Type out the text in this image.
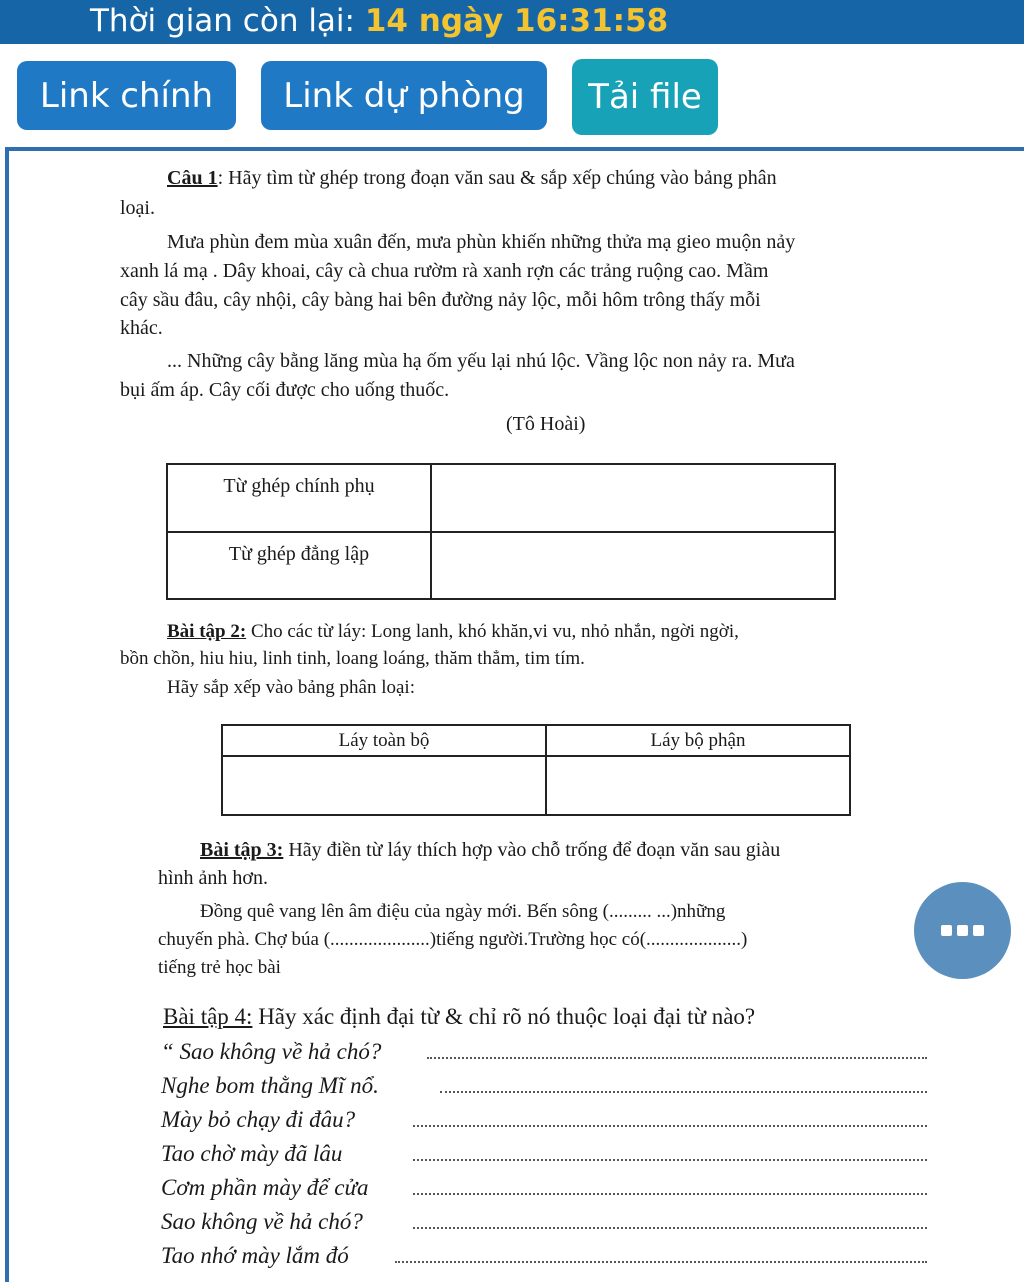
Thời gian còn lại: 14 ngày 16:31:58
Link chính	Link dự phòng	Tải file
Câu 1: Hãy tìm từ ghép trong đoạn văn sau & sắp xếp chúng vào bảng phân
loại.
Mưa phùn đem mùa xuân đến, mưa phùn khiến những thửa mạ gieo muộn nảy
xanh lá mạ . Dây khoai, cây cà chua rườm rà xanh rợn các trảng ruộng cao. Mầm
cây sầu đâu, cây nhội, cây bàng hai bên đường nảy lộc, mỗi hôm trông thấy mỗi
khác.
... Những cây bằng lăng mùa hạ ốm yếu lại nhú lộc. Vầng lộc non nảy ra. Mưa
bụi ấm áp. Cây cối được cho uống thuốc.
(Tô Hoài)
Từ ghép chính phụ	
Từ ghép đẳng lập	
Bài tập 2: Cho các từ láy: Long lanh, khó khăn,vi vu, nhỏ nhắn, ngời ngời,
bồn chồn, hiu hiu, linh tinh, loang loáng, thăm thẳm, tim tím.
Hãy sắp xếp vào bảng phân loại:
Láy toàn bộ	Láy bộ phận

Bài tập 3: Hãy điền từ láy thích hợp vào chỗ trống để đoạn văn sau giàu
hình ảnh hơn.
Đồng quê vang lên âm điệu của ngày mới. Bến sông (......... ...)những
chuyến phà. Chợ búa (.....................)tiếng người.Trường học có(....................)
tiếng trẻ học bài
Bài tập 4: Hãy xác định đại từ & chỉ rõ nó thuộc loại đại từ nào?
“ Sao không về hả chó?
Nghe bom thằng Mĩ nổ.
Mày bỏ chạy đi đâu?
Tao chờ mày đã lâu
Cơm phần mày để cửa
Sao không về hả chó?
Tao nhớ mày lắm đó
